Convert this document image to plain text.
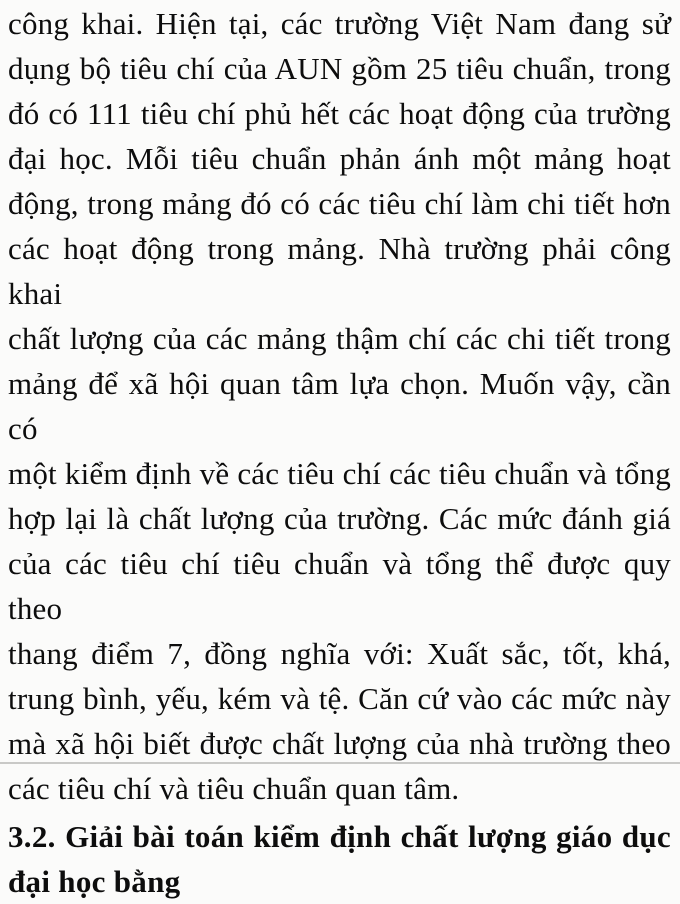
công khai. Hiện tại, các trường Việt Nam đang sử
dụng bộ tiêu chí của AUN gồm 25 tiêu chuẩn, trong
đó có 111 tiêu chí phủ hết các hoạt động của trường
đại học. Mỗi tiêu chuẩn phản ánh một mảng hoạt
động, trong mảng đó có các tiêu chí làm chi tiết hơn
các hoạt động trong mảng. Nhà trường phải công khai
chất lượng của các mảng thậm chí các chi tiết trong
mảng để xã hội quan tâm lựa chọn. Muốn vậy, cần có
một kiểm định về các tiêu chí các tiêu chuẩn và tổng
hợp lại là chất lượng của trường. Các mức đánh giá
của các tiêu chí tiêu chuẩn và tổng thể được quy theo
thang điểm 7, đồng nghĩa với: Xuất sắc, tốt, khá,
trung bình, yếu, kém và tệ. Căn cứ vào các mức này
mà xã hội biết được chất lượng của nhà trường theo
các tiêu chí và tiêu chuẩn quan tâm.
3.2. Giải bài toán kiểm định chất lượng giáo dục
đại học bằng
